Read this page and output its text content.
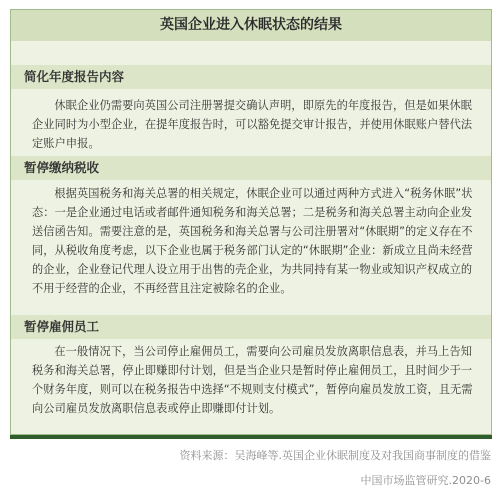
英国企业进入休眠状态的结果
简化年度报告内容
休眠企业仍需要向英国公司注册署提交确认声明，即原先的年度报告，但是如果休眠企业同时为小型企业，在提年度报告时，可以豁免提交审计报告，并使用休眠账户替代法定账户申报。
暂停缴纳税收
根据英国税务和海关总署的相关规定，休眠企业可以通过两种方式进入“税务休眠”状态：一是企业通过电话或者邮件通知税务和海关总署；二是税务和海关总署主动向企业发送信函告知。需要注意的是，英国税务和海关总署与公司注册署对“休眠期”的定义存在不同，从税收角度考虑，以下企业也属于税务部门认定的“休眠期”企业：新成立且尚未经营的企业，企业登记代理人设立用于出售的壳企业，为共同持有某一物业或知识产权成立的不用于经营的企业，不再经营且注定被除名的企业。
暂停雇佣员工
在一般情况下，当公司停止雇佣员工，需要向公司雇员发放离职信息表，并马上告知税务和海关总署，停止即赚即付计划，但是当企业只是暂时停止雇佣员工，且时间少于一个财务年度，则可以在税务报告中选择“不规则支付模式”，暂停向雇员发放工资，且无需向公司雇员发放离职信息表或停止即赚即付计划。
资料来源：吴海峰等.英国企业休眠制度及对我国商事制度的借鉴
中国市场监管研究.2020-6
